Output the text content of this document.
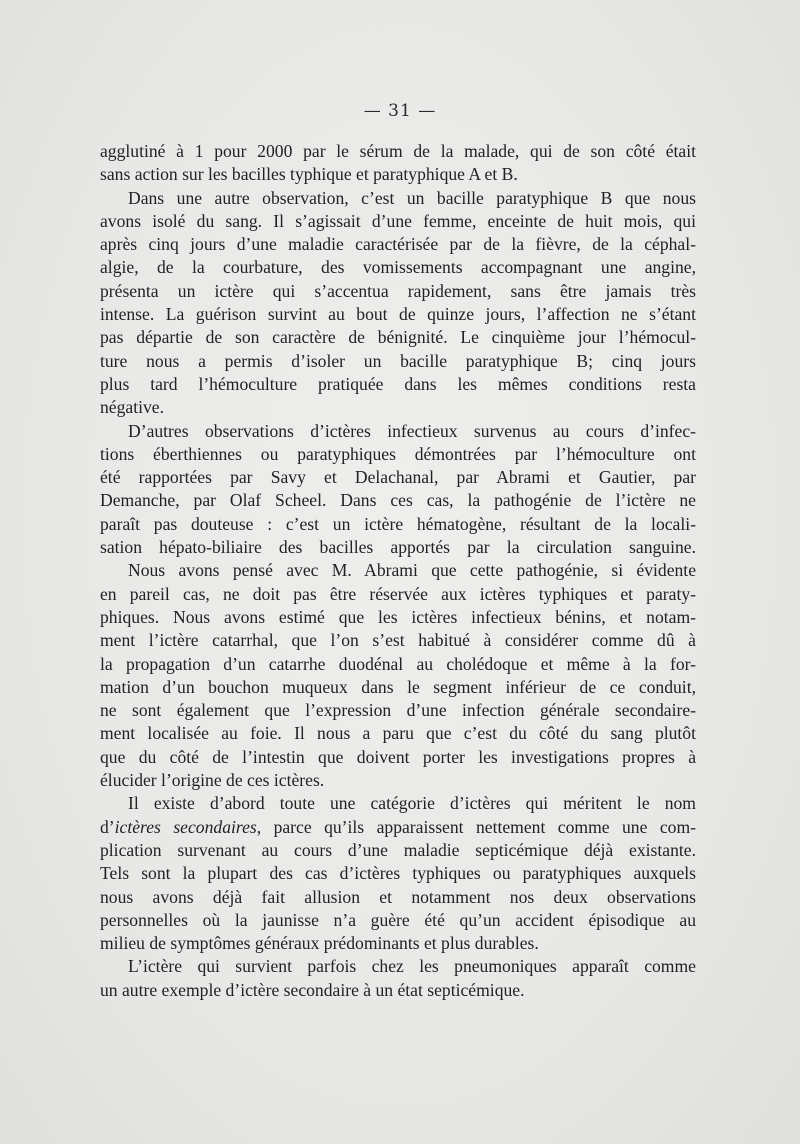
— 31 —
agglutiné à 1 pour 2000 par le sérum de la malade, qui de son côté était
sans action sur les bacilles typhique et paratyphique A et B.
Dans une autre observation, c’est un bacille paratyphique B que nous
avons isolé du sang. Il s’agissait d’une femme, enceinte de huit mois, qui
après cinq jours d’une maladie caractérisée par de la fièvre, de la céphal-
algie, de la courbature, des vomissements accompagnant une angine,
présenta un ictère qui s’accentua rapidement, sans être jamais très
intense. La guérison survint au bout de quinze jours, l’affection ne s’étant
pas départie de son caractère de bénignité. Le cinquième jour l’hémocul-
ture nous a permis d’isoler un bacille paratyphique B; cinq jours
plus tard l’hémoculture pratiquée dans les mêmes conditions resta
négative.
D’autres observations d’ictères infectieux survenus au cours d’infec-
tions éberthiennes ou paratyphiques démontrées par l’hémoculture ont
été rapportées par Savy et Delachanal, par Abrami et Gautier, par
Demanche, par Olaf Scheel. Dans ces cas, la pathogénie de l’ictère ne
paraît pas douteuse : c’est un ictère hématogène, résultant de la locali-
sation hépato-biliaire des bacilles apportés par la circulation sanguine.
Nous avons pensé avec M. Abrami que cette pathogénie, si évidente
en pareil cas, ne doit pas être réservée aux ictères typhiques et paraty-
phiques. Nous avons estimé que les ictères infectieux bénins, et notam-
ment l’ictère catarrhal, que l’on s’est habitué à considérer comme dû à
la propagation d’un catarrhe duodénal au cholédoque et même à la for-
mation d’un bouchon muqueux dans le segment inférieur de ce conduit,
ne sont également que l’expression d’une infection générale secondaire-
ment localisée au foie. Il nous a paru que c’est du côté du sang plutôt
que du côté de l’intestin que doivent porter les investigations propres à
élucider l’origine de ces ictères.
Il existe d’abord toute une catégorie d’ictères qui méritent le nom
d’ictères secondaires, parce qu’ils apparaissent nettement comme une com-
plication survenant au cours d’une maladie septicémique déjà existante.
Tels sont la plupart des cas d’ictères typhiques ou paratyphiques auxquels
nous avons déjà fait allusion et notamment nos deux observations
personnelles où la jaunisse n’a guère été qu’un accident épisodique au
milieu de symptômes généraux prédominants et plus durables.
L’ictère qui survient parfois chez les pneumoniques apparaît comme
un autre exemple d’ictère secondaire à un état septicémique.
